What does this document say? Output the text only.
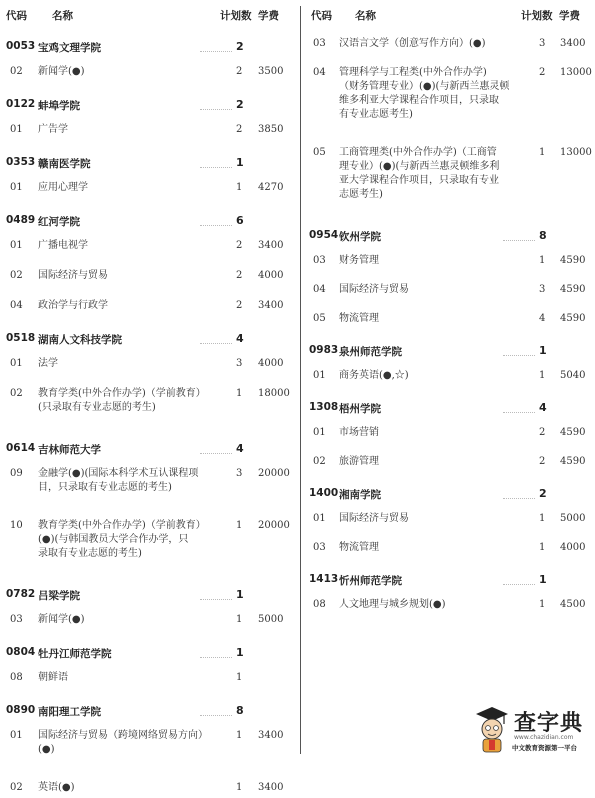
代码 名称	计划数 学费
0053 宝鸡文理学院	2
02 新闻学(●)	2 3500
0122 蚌埠学院	2
01 广告学	2 3850
0353 赣南医学院	1
01 应用心理学	1 4270
0489 红河学院	6
01 广播电视学	2 3400
02 国际经济与贸易	2 4000
04 政治学与行政学	2 3400
0518 湖南人文科技学院	4
01 法学	3 4000
02 教育学类(中外合作办学)（学前教育）
(只录取有专业志愿的考生)
1 18000
0614 吉林师范大学	4
09 金融学(●)(国际本科学术互认课程项
目，只录取有专业志愿的考生)
3 20000
10 教育学类(中外合作办学)（学前教育）
(●)(与韩国教员大学合作办学，只
录取有专业志愿的考生)
1 20000
0782 吕梁学院	1
03 新闻学(●)	1 5000
0804 牡丹江师范学院	1
08 朝鲜语	1
0890 南阳理工学院	8
01 国际经济与贸易（跨境网络贸易方向）
(●)
1 3400
02 英语(●)	1 3400
代码 名称	计划数 学费
03 汉语言文学（创意写作方向）(●)	3 3400
04 管理科学与工程类(中外合作办学)
（财务管理专业）(●)(与新西兰惠灵顿
维多利亚大学课程合作项目，只录取
有专业志愿考生)
2 13000
05 工商管理类(中外合作办学)（工商管
理专业）(●)(与新西兰惠灵顿维多利
亚大学课程合作项目，只录取有专业
志愿考生)
1 13000
0954 钦州学院	8
03 财务管理	1 4590
04 国际经济与贸易	3 4590
05 物流管理	4 4590
0983 泉州师范学院	1
01 商务英语(●,☆)	1 5040
1308 梧州学院	4
01 市场营销	2 4590
02 旅游管理	2 4590
1400 湘南学院	2
01 国际经济与贸易	1 5000
03 物流管理	1 4000
1413 忻州师范学院	1
08 人文地理与城乡规划(●)	1 4500
查字典
www.chazidian.com
中文教育资源第一平台
